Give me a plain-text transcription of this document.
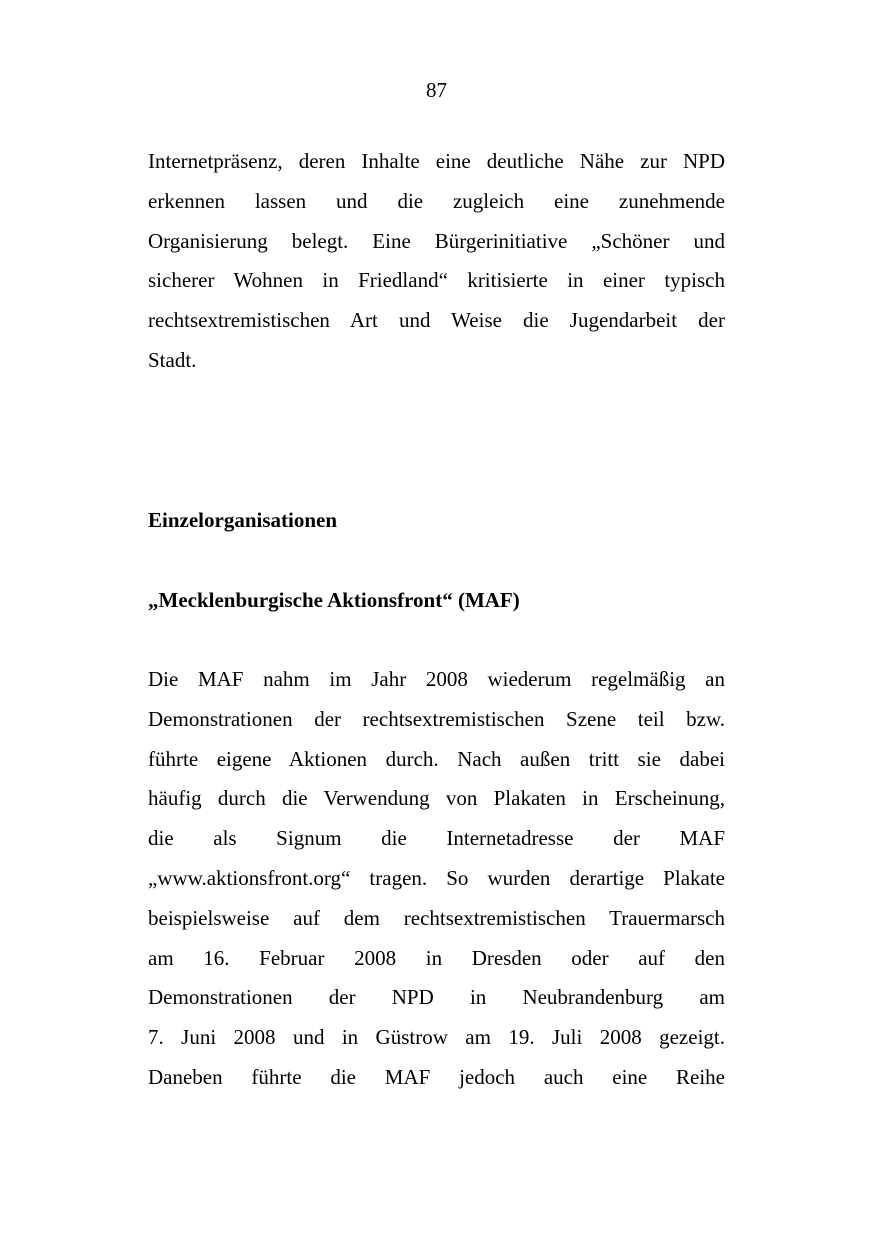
87
Internetpräsenz, deren Inhalte eine deutliche Nähe zur NPD
erkennen lassen und die zugleich eine zunehmende
Organisierung belegt. Eine Bürgerinitiative „Schöner und
sicherer Wohnen in Friedland“ kritisierte in einer typisch
rechtsextremistischen Art und Weise die Jugendarbeit der
Stadt.
Einzelorganisationen
„Mecklenburgische Aktionsfront“ (MAF)
Die MAF nahm im Jahr 2008 wiederum regelmäßig an
Demonstrationen der rechtsextremistischen Szene teil bzw.
führte eigene Aktionen durch. Nach außen tritt sie dabei
häufig durch die Verwendung von Plakaten in Erscheinung,
die als Signum die Internetadresse der MAF
„www.aktionsfront.org“ tragen. So wurden derartige Plakate
beispielsweise auf dem rechtsextremistischen Trauermarsch
am 16. Februar 2008 in Dresden oder auf den
Demonstrationen der NPD in Neubrandenburg am
7. Juni 2008 und in Güstrow am 19. Juli 2008 gezeigt.
Daneben führte die MAF jedoch auch eine Reihe
